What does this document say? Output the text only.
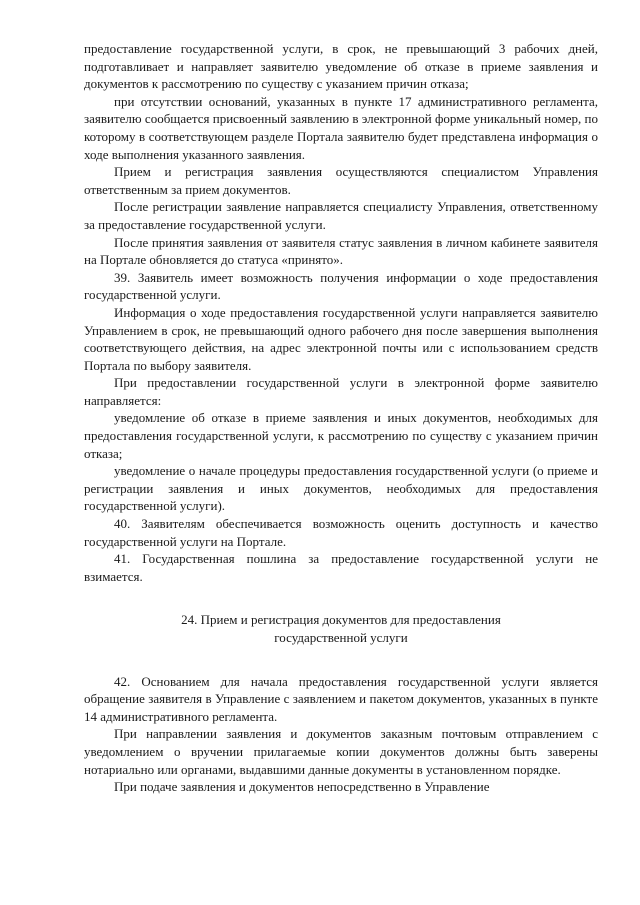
предоставление государственной услуги, в срок, не превышающий 3 рабочих дней, подготавливает и направляет заявителю уведомление об отказе в приеме заявления и документов к рассмотрению по существу с указанием причин отказа;

при отсутствии оснований, указанных в пункте 17 административного регламента, заявителю сообщается присвоенный заявлению в электронной форме уникальный номер, по которому в соответствующем разделе Портала заявителю будет представлена информация о ходе выполнения указанного заявления.

Прием и регистрация заявления осуществляются специалистом Управления ответственным за прием документов.

После регистрации заявление направляется специалисту Управления, ответственному за предоставление государственной услуги.

После принятия заявления от заявителя статус заявления в личном кабинете заявителя на Портале обновляется до статуса «принято».

39. Заявитель имеет возможность получения информации о ходе предоставления государственной услуги.

Информация о ходе предоставления государственной услуги направляется заявителю Управлением в срок, не превышающий одного рабочего дня после завершения выполнения соответствующего действия, на адрес электронной почты или с использованием средств Портала по выбору заявителя.

При предоставлении государственной услуги в электронной форме заявителю направляется:

уведомление об отказе в приеме заявления и иных документов, необходимых для предоставления государственной услуги, к рассмотрению по существу с указанием причин отказа;

уведомление о начале процедуры предоставления государственной услуги (о приеме и регистрации заявления и иных документов, необходимых для предоставления государственной услуги).

40. Заявителям обеспечивается возможность оценить доступность и качество государственной услуги на Портале.

41. Государственная пошлина за предоставление государственной услуги не взимается.

24. Прием и регистрация документов для предоставления

государственной услуги

42. Основанием для начала предоставления государственной услуги является обращение заявителя в Управление с заявлением и пакетом документов, указанных в пункте 14 административного регламента.

При направлении заявления и документов заказным почтовым отправлением с уведомлением о вручении прилагаемые копии документов должны быть заверены нотариально или органами, выдавшими данные документы в установленном порядке.

При подаче заявления и документов непосредственно в Управление
